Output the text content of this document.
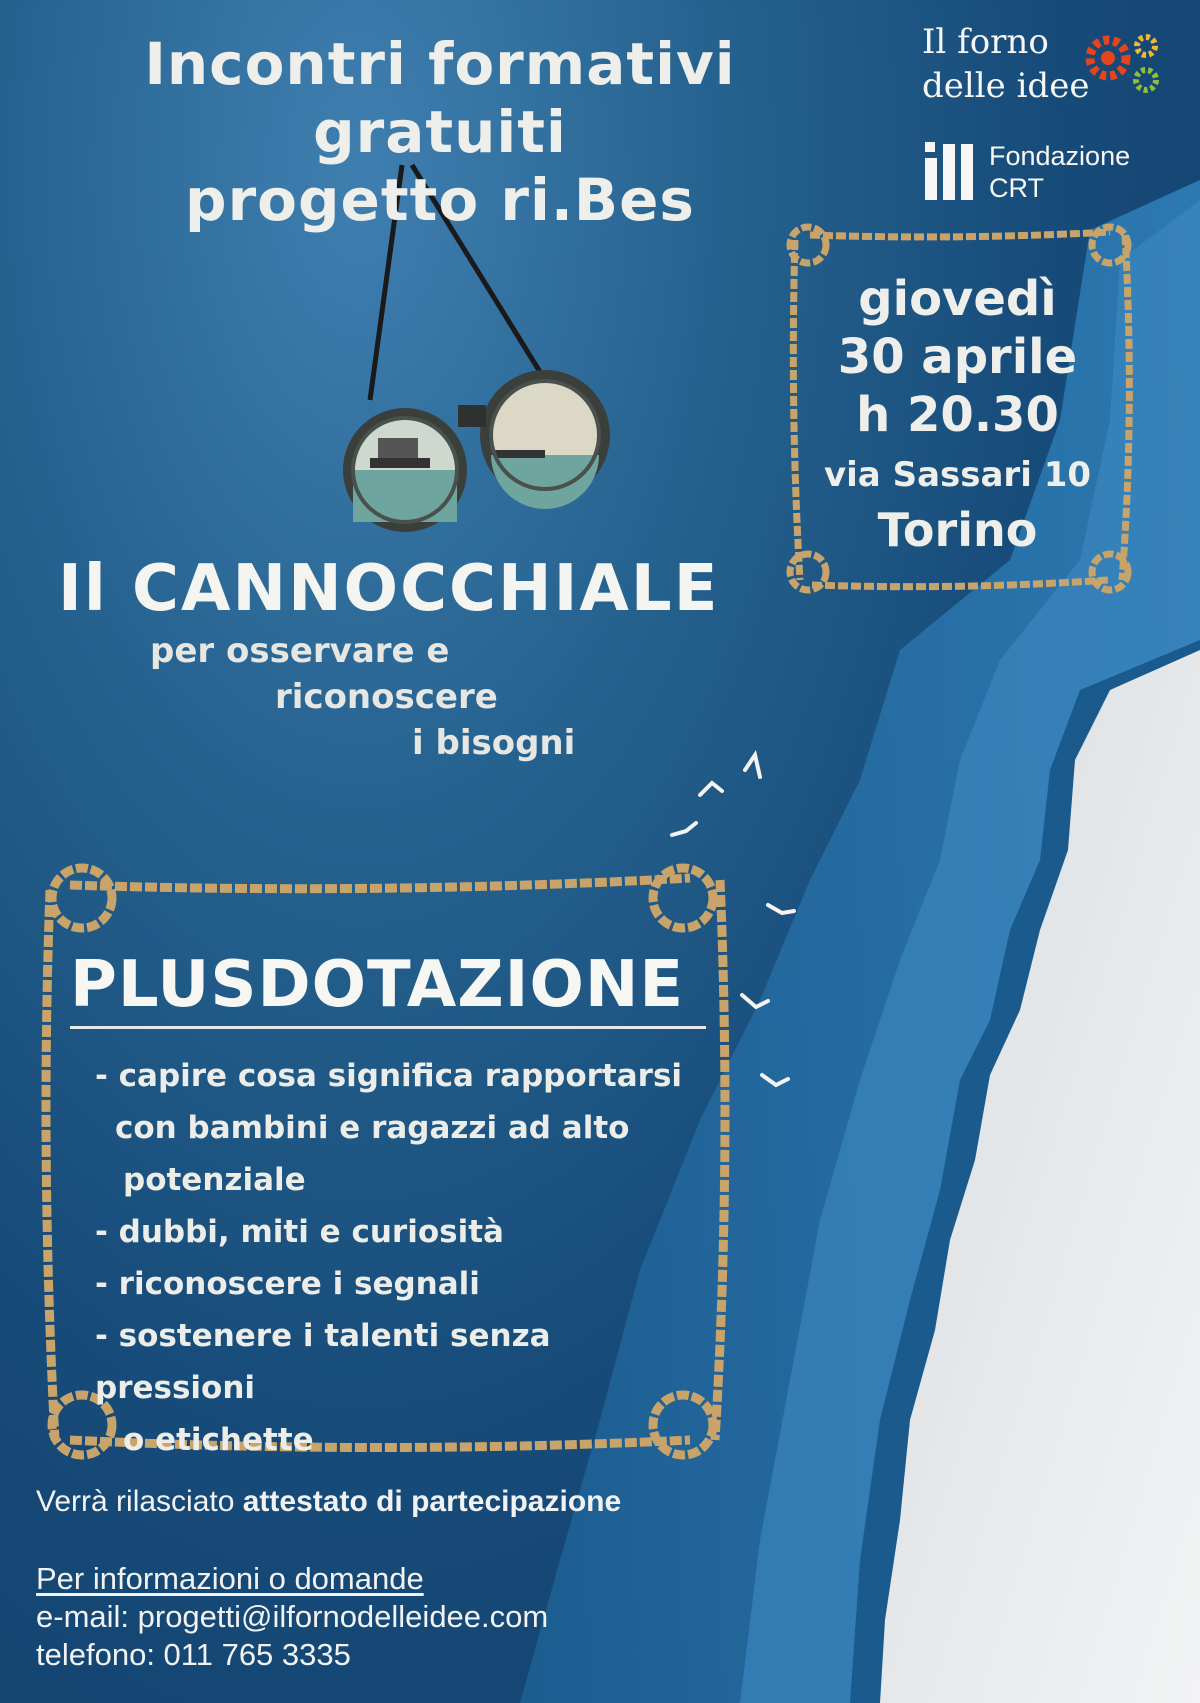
Incontri formativi gratuiti
progetto ri.Bes
Il forno
delle idee
Fondazione
CRT
giovedì
30 aprile
h 20.30
via Sassari 10
Torino
Il CANNOCCHIALE
per osservare e
riconoscere
i bisogni
PLUSDOTAZIONE
- capire cosa significa rapportarsi
con bambini e ragazzi ad alto
potenziale
- dubbi, miti e curiosità
- riconoscere i segnali
- sostenere i talenti senza pressioni
o etichette
Verrà rilasciato attestato di partecipazione
Per informazioni o domande
e-mail: progetti@ilfornodelleidee.com
telefono: 011 765 3335
